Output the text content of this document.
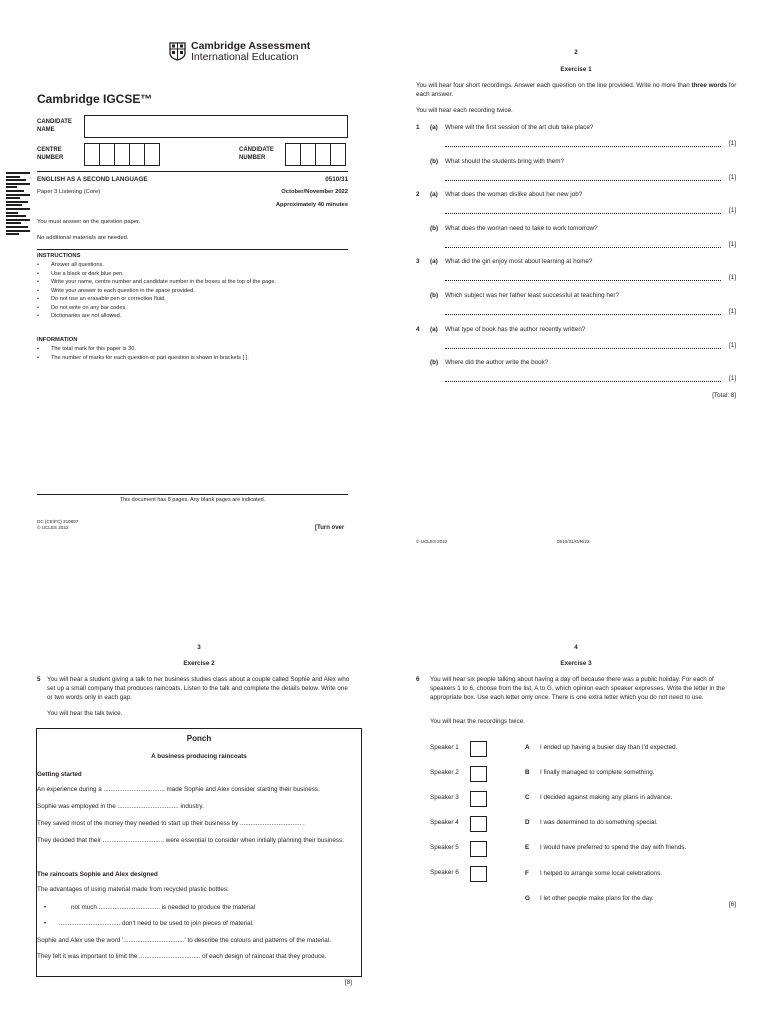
Cambridge Assessment
International Education
Cambridge IGCSE™
CANDIDATE
NAME
CENTRE
NUMBER
CANDIDATE
NUMBER
ENGLISH AS A SECOND LANGUAGE	0510/31
Paper 3 Listening (Core)	October/November 2022
Approximately 40 minutes
You must answer on the question paper.
No additional materials are needed.
INSTRUCTIONS
• Answer all questions.
• Use a black or dark blue pen.
• Write your name, centre number and candidate number in the boxes at the top of the page.
• Write your answer to each question in the space provided.
• Do not use an erasable pen or correction fluid.
• Do not write on any bar codes.
• Dictionaries are not allowed.
INFORMATION
• The total mark for this paper is 30.
• The number of marks for each question or part question is shown in brackets [ ].
This document has 8 pages. Any blank pages are indicated.
DC (CE/FC) 310897
© UCLES 2022	[Turn over
2
Exercise 1
You will hear four short recordings. Answer each question on the line provided. Write no more than three words for each answer.
You will hear each recording twice.
1 (a) Where will the first session of the art club take place?
[1]
(b) What should the students bring with them?
[1]
2 (a) What does the woman dislike about her new job?
[1]
(b) What does the woman need to take to work tomorrow?
[1]
3 (a) What did the girl enjoy most about learning at home?
[1]
(b) Which subject was her father least successful at teaching her?
[1]
4 (a) What type of book has the author recently written?
[1]
(b) Where did the author write the book?
[1]
[Total: 8]
© UCLES 2022	0510/31/O/N/22
3
Exercise 2
5 You will hear a student giving a talk to her business studies class about a couple called Sophie and Alex who set up a small company that produces raincoats. Listen to the talk and complete the details below. Write one or two words only in each gap.
You will hear the talk twice.
Ponch
A business producing raincoats
Getting started
An experience during a ................................... made Sophie and Alex consider starting their business.
Sophie was employed in the ................................... industry.
They saved most of the money they needed to start up their business by ................................... .
They decided that their ................................... were essential to consider when initially planning their business.
The raincoats Sophie and Alex designed
The advantages of using material made from recycled plastic bottles:
•	not much ................................... is needed to produce the material
• ................................... don't need to be used to join pieces of material.
Sophie and Alex use the word '...................................' to describe the colours and patterns of the material.
They felt it was important to limit the ................................... of each design of raincoat that they produce.
[8]
4
Exercise 3
6 You will hear six people talking about having a day off because there was a public holiday. For each of speakers 1 to 6, choose from the list, A to G, which opinion each speaker expresses. Write the letter in the appropriate box. Use each letter only once. There is one extra letter which you do not need to use.
You will hear the recordings twice.
Speaker 1
Speaker 2
Speaker 3
Speaker 4
Speaker 5
Speaker 6
A I ended up having a busier day than I'd expected.
B I finally managed to complete something.
C I decided against making any plans in advance.
D I was determined to do something special.
E I would have preferred to spend the day with friends.
F I helped to arrange some local celebrations.
G I let other people make plans for the day.
[6]
